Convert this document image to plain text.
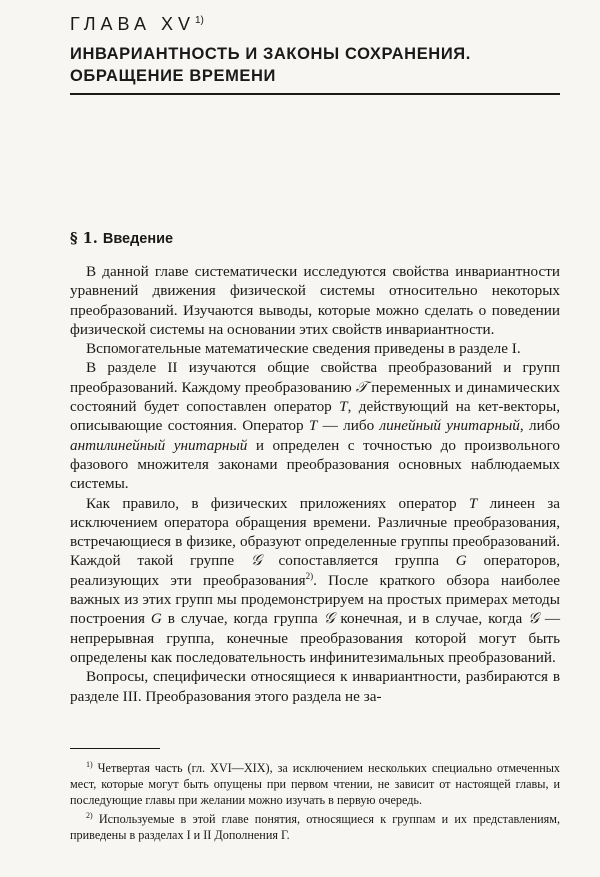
ГЛАВА XV$^{1)}$
ИНВАРИАНТНОСТЬ И ЗАКОНЫ СОХРАНЕНИЯ.
ОБРАЩЕНИЕ ВРЕМЕНИ
§ 1. Введение

В данной главе систематически исследуются свойства инвариантности уравнений движения физической системы относительно некоторых преобразований. Изучаются выводы, которые можно сделать о поведении физической системы на основании этих свойств инвариантности.

Вспомогательные математические сведения приведены в разделе I.

В разделе II изучаются общие свойства преобразований и групп преобразований. Каждому преобразованию 𝒯 переменных и динамических состояний будет сопоставлен оператор T, действующий на кет-векторы, описывающие состояния. Оператор T — либо линейный унитарный, либо антилинейный унитарный и определен с точностью до произвольного фазового множителя законами преобразования основных наблюдаемых системы.

Как правило, в физических приложениях оператор T линеен за исключением оператора обращения времени. Различные преобразования, встречающиеся в физике, образуют определенные группы преобразований. Каждой такой группе 𝒢 сопоставляется группа G операторов, реализующих эти преобразования$^{2)}$. После краткого обзора наиболее важных из этих групп мы продемонстрируем на простых примерах методы построения G в случае, когда группа 𝒢 конечная, и в случае, когда 𝒢 — непрерывная группа, конечные преобразования которой могут быть определены как последовательность инфинитезимальных преобразований.

Вопросы, специфически относящиеся к инвариантности, разбираются в разделе III. Преобразования этого раздела не за-

$^{1)}$ Четвертая часть (гл. XVI—XIX), за исключением нескольких специально отмеченных мест, которые могут быть опущены при первом чтении, не зависит от настоящей главы, и последующие главы при желании можно изучать в первую очередь.

$^{2)}$ Используемые в этой главе понятия, относящиеся к группам и их представлениям, приведены в разделах I и II Дополнения Г.
